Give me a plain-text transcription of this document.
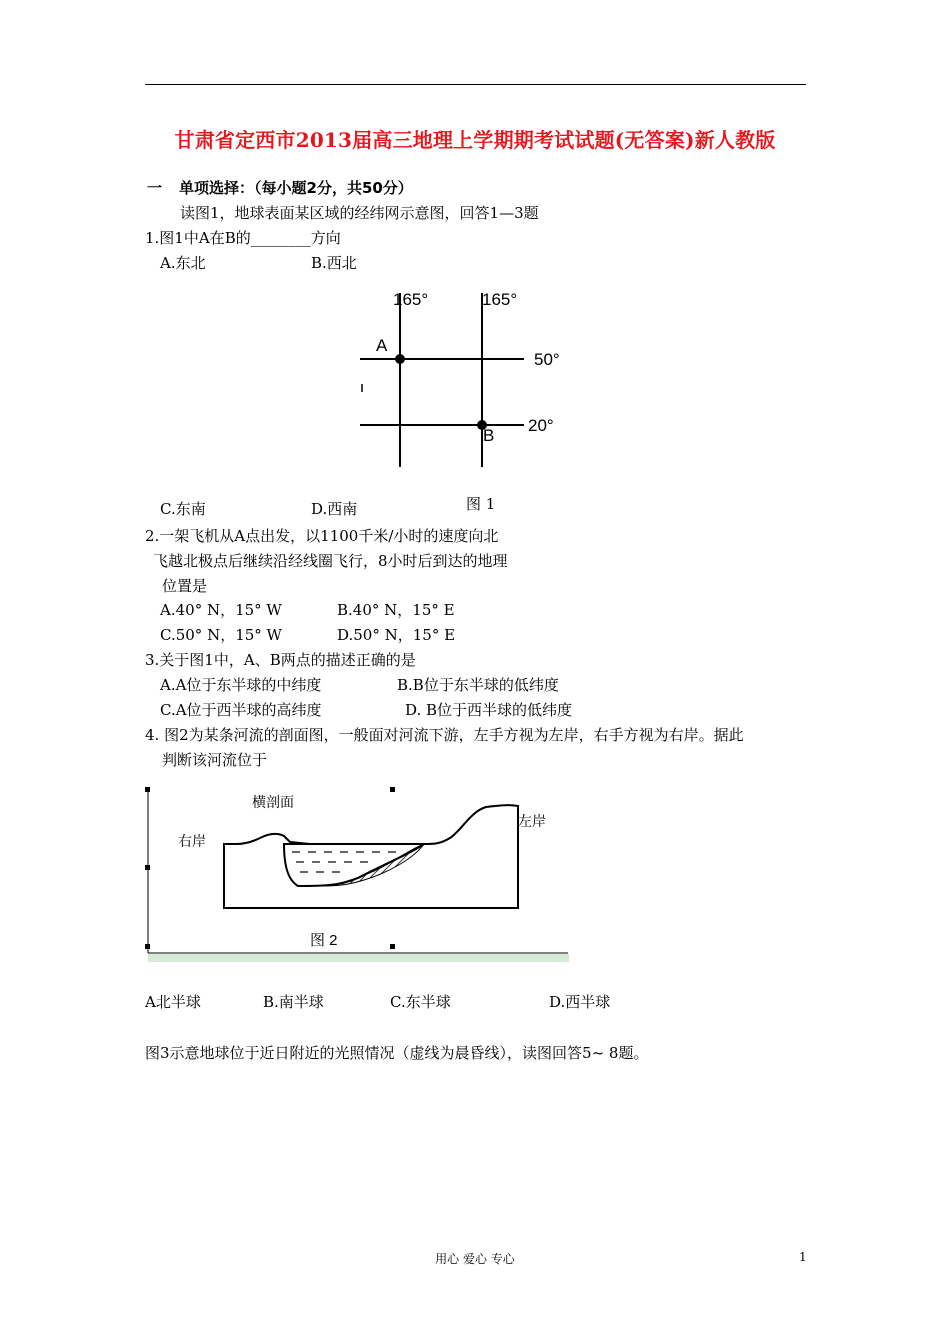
甘肃省定西市2013届高三地理上学期期考试试题(无答案)新人教版
一 单项选择：（每小题2分，共50分）
读图1，地球表面某区域的经纬网示意图，回答1—3题
1.图1中A在B的________方向
A.东北	B.西北
165°	165°
50°
20°
A
B
C.东南	D.西南	图 1
2.一架飞机从A点出发，以1100千米/小时的速度向北
飞越北极点后继续沿经线圈飞行，8小时后到达的地理
位置是
A.40° N，15° W	B.40° N，15° E
C.50° N，15° W	D.50° N，15° E
3.关于图1中，A、B两点的描述正确的是
A.A位于东半球的中纬度	B.B位于东半球的低纬度
C.A位于西半球的高纬度	D. B位于西半球的低纬度
4. 图2为某条河流的剖面图，一般面对河流下游，左手方视为左岸，右手方视为右岸。据此
判断该河流位于
横剖面
右岸
左岸
图 2
A北半球	B.南半球	C.东半球	D.西半球
图3示意地球位于近日附近的光照情况（虚线为晨昏线），读图回答5~ 8题。
用心 爱心 专心	1
